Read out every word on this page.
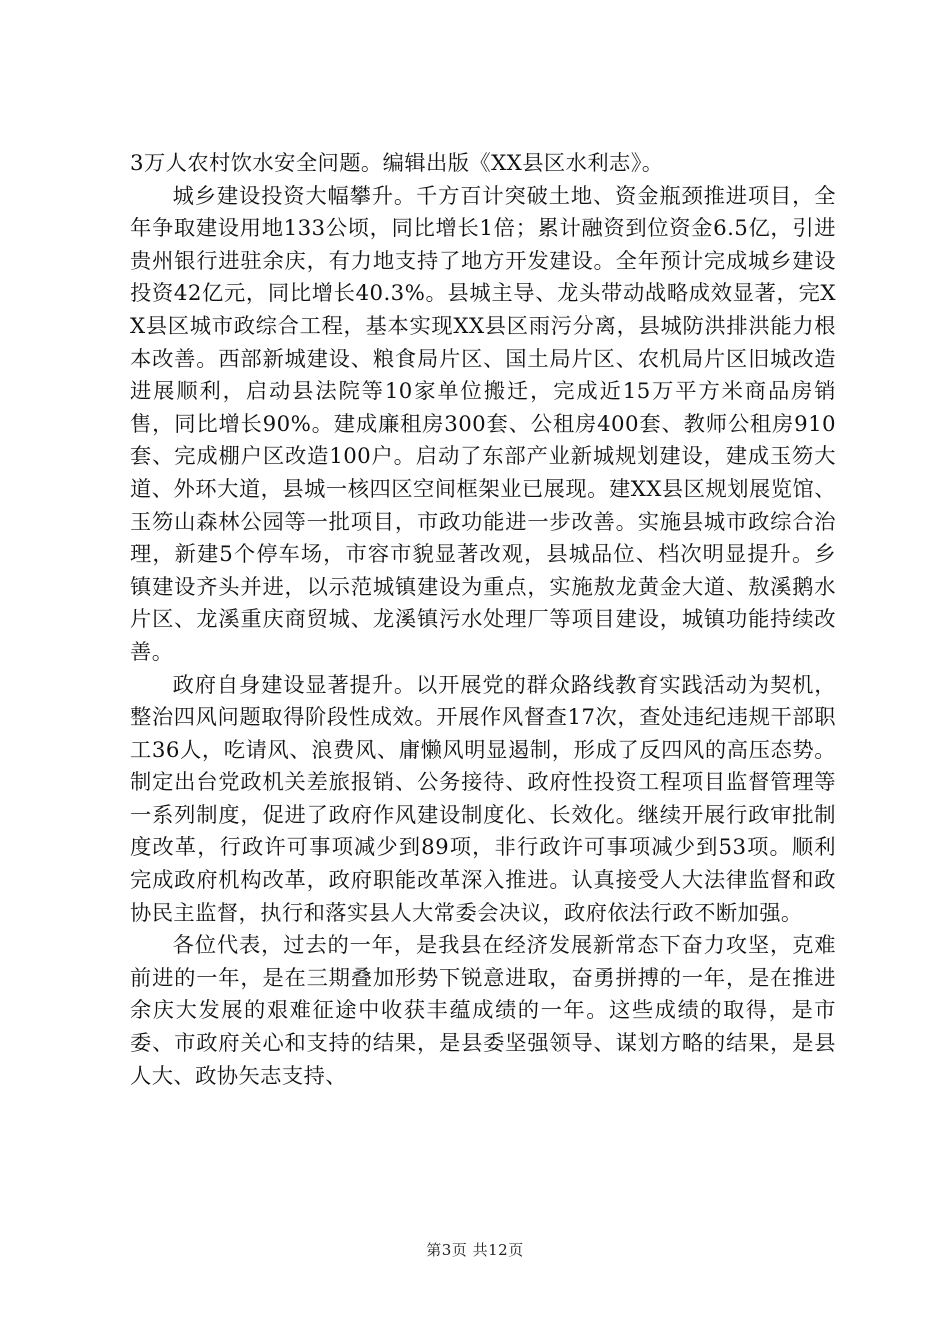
3万人农村饮水安全问题。编辑出版《XX县区水利志》。

城乡建设投资大幅攀升。千方百计突破土地、资金瓶颈推进项目，全年争取建设用地133公顷，同比增长1倍；累计融资到位资金6.5亿，引进贵州银行进驻余庆，有力地支持了地方开发建设。全年预计完成城乡建设投资42亿元，同比增长40.3%。县城主导、龙头带动战略成效显著，完XX县区城市政综合工程，基本实现XX县区雨污分离，县城防洪排洪能力根本改善。西部新城建设、粮食局片区、国土局片区、农机局片区旧城改造进展顺利，启动县法院等10家单位搬迁，完成近15万平方米商品房销售，同比增长90%。建成廉租房300套、公租房400套、教师公租房910套、完成棚户区改造100户。启动了东部产业新城规划建设，建成玉笏大道、外环大道，县城一核四区空间框架业已展现。建XX县区规划展览馆、玉笏山森林公园等一批项目，市政功能进一步改善。实施县城市政综合治理，新建5个停车场，市容市貌显著改观，县城品位、档次明显提升。乡镇建设齐头并进，以示范城镇建设为重点，实施敖龙黄金大道、敖溪鹅水片区、龙溪重庆商贸城、龙溪镇污水处理厂等项目建设，城镇功能持续改善。

政府自身建设显著提升。以开展党的群众路线教育实践活动为契机，整治四风问题取得阶段性成效。开展作风督查17次，查处违纪违规干部职工36人，吃请风、浪费风、庸懒风明显遏制，形成了反四风的高压态势。制定出台党政机关差旅报销、公务接待、政府性投资工程项目监督管理等一系列制度，促进了政府作风建设制度化、长效化。继续开展行政审批制度改革，行政许可事项减少到89项，非行政许可事项减少到53项。顺利完成政府机构改革，政府职能改革深入推进。认真接受人大法律监督和政协民主监督，执行和落实县人大常委会决议，政府依法行政不断加强。

各位代表，过去的一年，是我县在经济发展新常态下奋力攻坚，克难前进的一年，是在三期叠加形势下锐意进取，奋勇拼搏的一年，是在推进余庆大发展的艰难征途中收获丰蕴成绩的一年。这些成绩的取得，是市委、市政府关心和支持的结果，是县委坚强领导、谋划方略的结果，是县人大、政协矢志支持、

第3页 共12页
